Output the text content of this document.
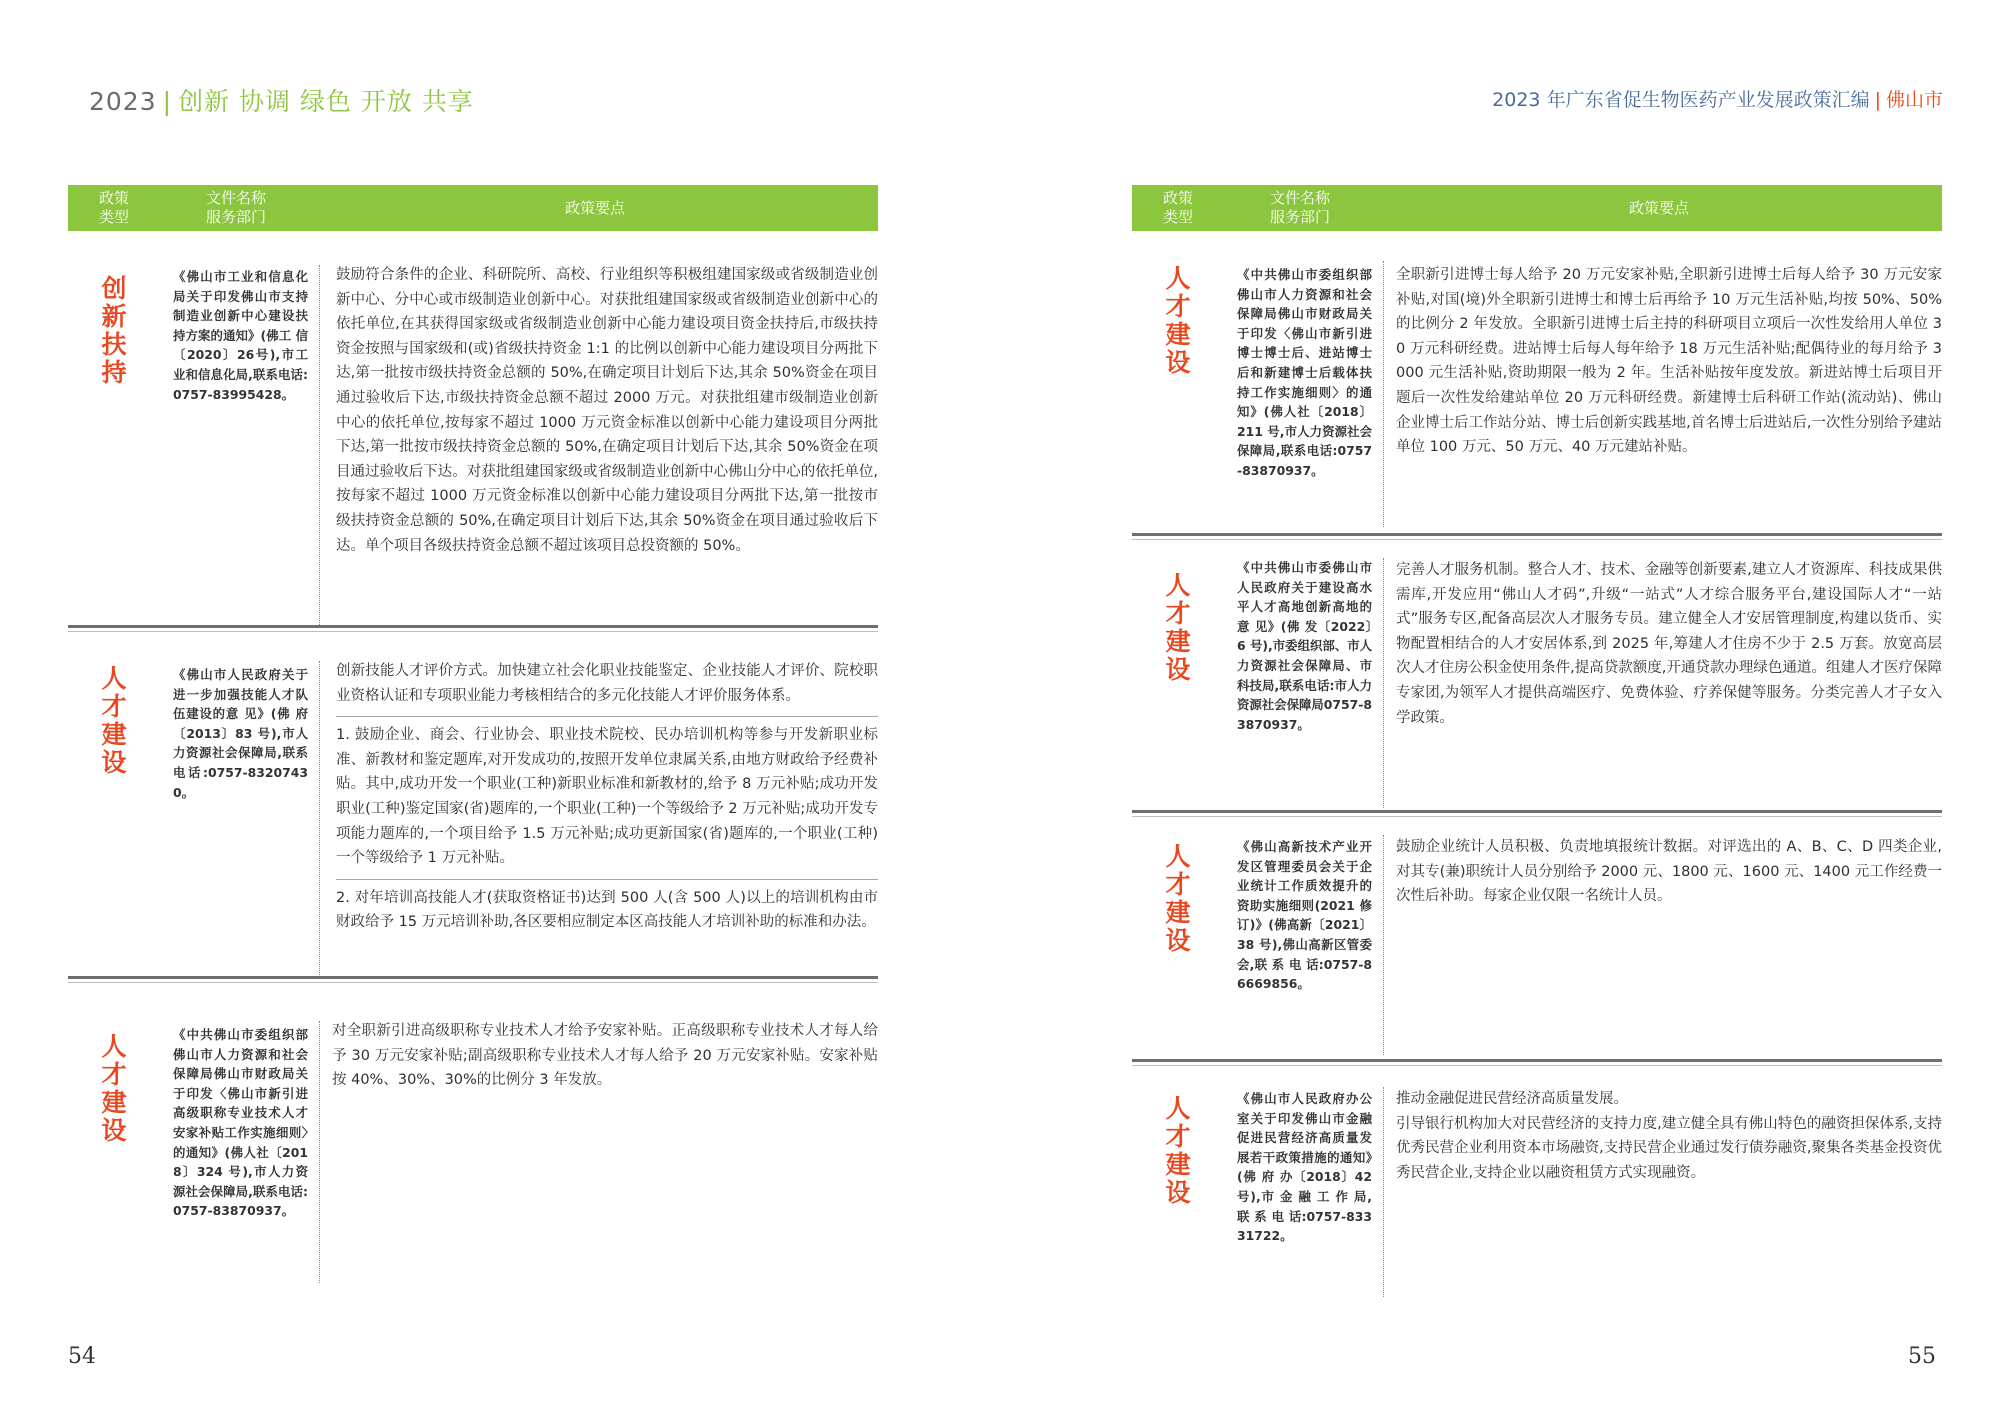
2023 | 创新 协调 绿色 开放 共享
政策
类型
文件名称
服务部门
政策要点
创
新
扶
持
《佛山市工业和信息化局关于印发佛山市支持制造业创新中心建设扶持方案的通知》(佛工 信〔2020〕26号),市工业和信息化局,联系电话:0757-83995428。

鼓励符合条件的企业、科研院所、高校、行业组织等积极组建国家级或省级制造业创新中心、分中心或市级制造业创新中心。对获批组建国家级或省级制造业创新中心的依托单位,在其获得国家级或省级制造业创新中心能力建设项目资金扶持后,市级扶持资金按照与国家级和(或)省级扶持资金 1:1 的比例以创新中心能力建设项目分两批下达,第一批按市级扶持资金总额的 50%,在确定项目计划后下达,其余 50%资金在项目通过验收后下达,市级扶持资金总额不超过 2000 万元。对获批组建市级制造业创新中心的依托单位,按每家不超过 1000 万元资金标准以创新中心能力建设项目分两批下达,第一批按市级扶持资金总额的 50%,在确定项目计划后下达,其余 50%资金在项目通过验收后下达。对获批组建国家级或省级制造业创新中心佛山分中心的依托单位,按每家不超过 1000 万元资金标准以创新中心能力建设项目分两批下达,第一批按市级扶持资金总额的 50%,在确定项目计划后下达,其余 50%资金在项目通过验收后下达。单个项目各级扶持资金总额不超过该项目总投资额的 50%。

人
才
建
设
《佛山市人民政府关于进一步加强技能人才队伍建设的意 见》(佛 府〔2013〕83 号),市人力资源社会保障局,联系电话:0757-83207430。

创新技能人才评价方式。加快建立社会化职业技能鉴定、企业技能人才评价、院校职业资格认证和专项职业能力考核相结合的多元化技能人才评价服务体系。

1. 鼓励企业、商会、行业协会、职业技术院校、民办培训机构等参与开发新职业标准、新教材和鉴定题库,对开发成功的,按照开发单位隶属关系,由地方财政给予经费补贴。其中,成功开发一个职业(工种)新职业标准和新教材的,给予 8 万元补贴;成功开发职业(工种)鉴定国家(省)题库的,一个职业(工种)一个等级给予 2 万元补贴;成功开发专项能力题库的,一个项目给予 1.5 万元补贴;成功更新国家(省)题库的,一个职业(工种)一个等级给予 1 万元补贴。

2. 对年培训高技能人才(获取资格证书)达到 500 人(含 500 人)以上的培训机构由市财政给予 15 万元培训补助,各区要相应制定本区高技能人才培训补助的标准和办法。

人
才
建
设
《中共佛山市委组织部佛山市人力资源和社会保障局佛山市财政局关于印发〈佛山市新引进高级职称专业技术人才安家补贴工作实施细则〉的通知》(佛人社〔2018〕324 号),市人力资源社会保障局,联系电话:0757-83870937。

对全职新引进高级职称专业技术人才给予安家补贴。正高级职称专业技术人才每人给予 30 万元安家补贴;副高级职称专业技术人才每人给予 20 万元安家补贴。安家补贴按 40%、30%、30%的比例分 3 年发放。

54
2023 年广东省促生物医药产业发展政策汇编 | 佛山市
政策
类型
文件名称
服务部门
政策要点
人
才
建
设
《中共佛山市委组织部佛山市人力资源和社会保障局佛山市财政局关于印发〈佛山市新引进博士博士后、进站博士后和新建博士后载体扶持工作实施细则〉的通知》(佛人社〔2018〕211 号,市人力资源社会保障局,联系电话:0757-83870937。

全职新引进博士每人给予 20 万元安家补贴,全职新引进博士后每人给予 30 万元安家补贴,对国(境)外全职新引进博士和博士后再给予 10 万元生活补贴,均按 50%、50%的比例分 2 年发放。全职新引进博士后主持的科研项目立项后一次性发给用人单位 30 万元科研经费。进站博士后每人每年给予 18 万元生活补贴;配偶待业的每月给予 3000 元生活补贴,资助期限一般为 2 年。生活补贴按年度发放。新进站博士后项目开题后一次性发给建站单位 20 万元科研经费。新建博士后科研工作站(流动站)、佛山企业博士后工作站分站、博士后创新实践基地,首名博士后进站后,一次性分别给予建站单位 100 万元、50 万元、40 万元建站补贴。

人
才
建
设
《中共佛山市委佛山市人民政府关于建设高水平人才高地创新高地的意 见》(佛 发〔2022〕6 号),市委组织部、市人力资源社会保障局、市科技局,联系电话:市人力资源社会保障局0757-83870937。

完善人才服务机制。整合人才、技术、金融等创新要素,建立人才资源库、科技成果供需库,开发应用“佛山人才码”,升级“一站式”人才综合服务平台,建设国际人才“一站式”服务专区,配备高层次人才服务专员。建立健全人才安居管理制度,构建以货币、实物配置相结合的人才安居体系,到 2025 年,筹建人才住房不少于 2.5 万套。放宽高层次人才住房公积金使用条件,提高贷款额度,开通贷款办理绿色通道。组建人才医疗保障专家团,为领军人才提供高端医疗、免费体验、疗养保健等服务。分类完善人才子女入学政策。

人
才
建
设
《佛山高新技术产业开发区管理委员会关于企业统计工作质效提升的资助实施细则(2021 修订)》(佛高新〔2021〕38 号),佛山高新区管委会,联 系 电 话:0757-86669856。

鼓励企业统计人员积极、负责地填报统计数据。对评选出的 A、B、C、D 四类企业,对其专(兼)职统计人员分别给予 2000 元、1800 元、1600 元、1400 元工作经费一次性后补助。每家企业仅限一名统计人员。

人
才
建
设
《佛山市人民政府办公室关于印发佛山市金融促进民营经济高质量发展若干政策措施的通知》(佛 府 办〔2018〕42 号),市 金 融 工 作 局,联 系 电 话:0757-83331722。

推动金融促进民营经济高质量发展。

引导银行机构加大对民营经济的支持力度,建立健全具有佛山特色的融资担保体系,支持优秀民营企业利用资本市场融资,支持民营企业通过发行债券融资,聚集各类基金投资优秀民营企业,支持企业以融资租赁方式实现融资。

55
